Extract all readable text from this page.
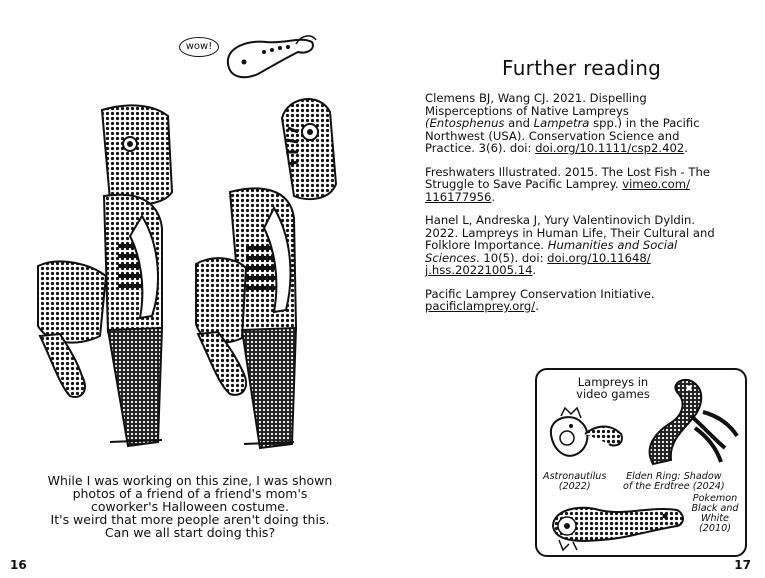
wow!
While I was working on this zine, I was shown
photos of a friend of a friend's mom's
coworker's Halloween costume.
It's weird that more people aren't doing this.
Can we all start doing this?
16
Further reading
Clemens BJ, Wang CJ. 2021. Dispelling
Misperceptions of Native Lampreys
(Entosphenus and Lampetra spp.) in the Pacific
Northwest (USA). Conservation Science and
Practice. 3(6). doi: doi.org/10.1111/csp2.402.
Freshwaters Illustrated. 2015. The Lost Fish - The
Struggle to Save Pacific Lamprey. vimeo.com/
116177956.
Hanel L, Andreska J, Yury Valentinovich Dyldin.
2022. Lampreys in Human Life, Their Cultural and
Folklore Importance. Humanities and Social
Sciences. 10(5). doi: doi.org/10.11648/
j.hss.20221005.14.
Pacific Lamprey Conservation Initiative.
pacificlamprey.org/.
Lampreys in
video games
Astronautilus
(2022)
Elden Ring: Shadow
of the Erdtree (2024)
Pokemon
Black and
White
(2010)
17
